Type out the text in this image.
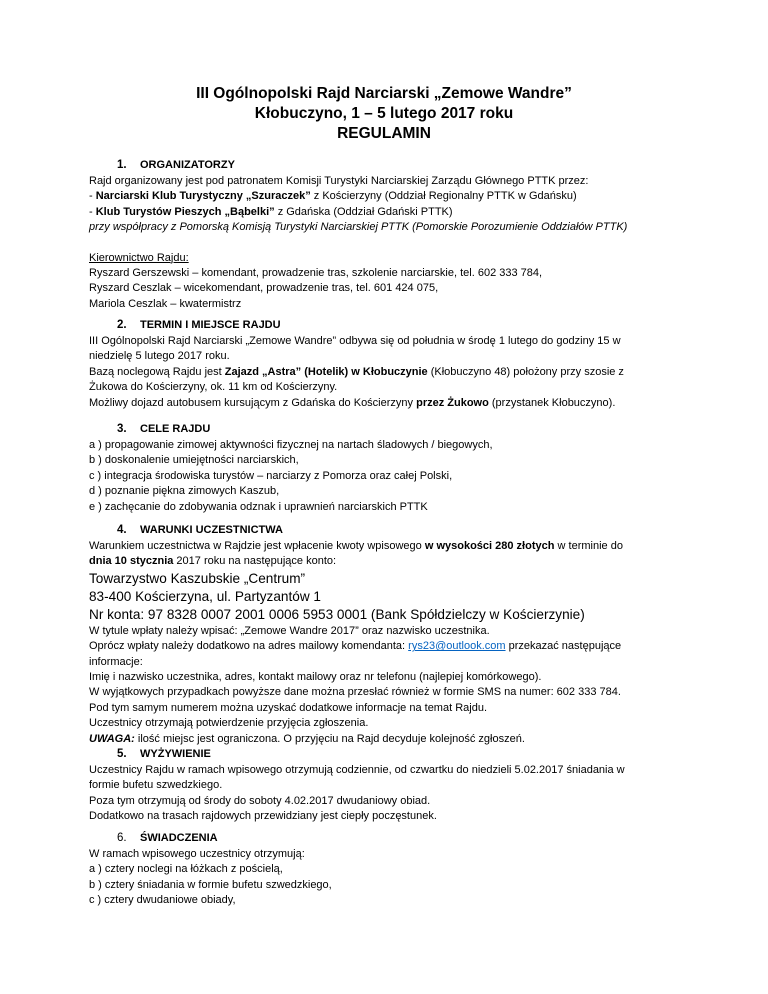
III Ogólnopolski Rajd Narciarski „Zemowe Wandre”
Kłobuczyno, 1 – 5 lutego 2017 roku
REGULAMIN
1. ORGANIZATORZY
Rajd organizowany jest pod patronatem Komisji Turystyki Narciarskiej Zarządu Głównego PTTK przez:
- Narciarski Klub Turystyczny „Szuraczek” z Kościerzyny (Oddział Regionalny PTTK w Gdańsku)
- Klub Turystów Pieszych „Bąbelki” z Gdańska (Oddział Gdański PTTK)
przy współpracy z Pomorską Komisją Turystyki Narciarskiej PTTK (Pomorskie Porozumienie Oddziałów PTTK)
Kierownictwo Rajdu:
Ryszard Gerszewski – komendant, prowadzenie tras, szkolenie narciarskie, tel. 602 333 784,
Ryszard Ceszlak – wicekomendant, prowadzenie tras, tel. 601 424 075,
Mariola Ceszlak – kwatermistrz
2. TERMIN I MIEJSCE RAJDU
III Ogólnopolski Rajd Narciarski „Zemowe Wandre” odbywa się od południa w środę 1 lutego do godziny 15 w
niedzielę 5 lutego 2017 roku.
Bazą noclegową Rajdu jest Zajazd „Astra” (Hotelik) w Kłobuczynie (Kłobuczyno 48) położony przy szosie z
Żukowa do Kościerzyny, ok. 11 km od Kościerzyny.
Możliwy dojazd autobusem kursującym z Gdańska do Kościerzyny przez Żukowo (przystanek Kłobuczyno).
3. CELE RAJDU
a ) propagowanie zimowej aktywności fizycznej na nartach śladowych / biegowych,
b ) doskonalenie umiejętności narciarskich,
c ) integracja środowiska turystów – narciarzy z Pomorza oraz całej Polski,
d ) poznanie piękna zimowych Kaszub,
e ) zachęcanie do zdobywania odznak i uprawnień narciarskich PTTK
4. WARUNKI UCZESTNICTWA
Warunkiem uczestnictwa w Rajdzie jest wpłacenie kwoty wpisowego w wysokości 280 złotych w terminie do
dnia 10 stycznia 2017 roku na następujące konto:
Towarzystwo Kaszubskie „Centrum”
83-400 Kościerzyna, ul. Partyzantów 1
Nr konta: 97 8328 0007 2001 0006 5953 0001 (Bank Spółdzielczy w Kościerzynie)
W tytule wpłaty należy wpisać: „Zemowe Wandre 2017” oraz nazwisko uczestnika.
Oprócz wpłaty należy dodatkowo na adres mailowy komendanta: rys23@outlook.com przekazać następujące
informacje:
Imię i nazwisko uczestnika, adres, kontakt mailowy oraz nr telefonu (najlepiej komórkowego).
W wyjątkowych przypadkach powyższe dane można przesłać również w formie SMS na numer: 602 333 784.
Pod tym samym numerem można uzyskać dodatkowe informacje na temat Rajdu.
Uczestnicy otrzymają potwierdzenie przyjęcia zgłoszenia.
UWAGA: ilość miejsc jest ograniczona. O przyjęciu na Rajd decyduje kolejność zgłoszeń.
5. WYŻYWIENIE
Uczestnicy Rajdu w ramach wpisowego otrzymują codziennie, od czwartku do niedzieli 5.02.2017 śniadania w
formie bufetu szwedzkiego.
Poza tym otrzymują od środy do soboty 4.02.2017 dwudaniowy obiad.
Dodatkowo na trasach rajdowych przewidziany jest ciepły poczęstunek.
6. ŚWIADCZENIA
W ramach wpisowego uczestnicy otrzymują:
a ) cztery noclegi na łóżkach z pościelą,
b ) cztery śniadania w formie bufetu szwedzkiego,
c ) cztery dwudaniowe obiady,
